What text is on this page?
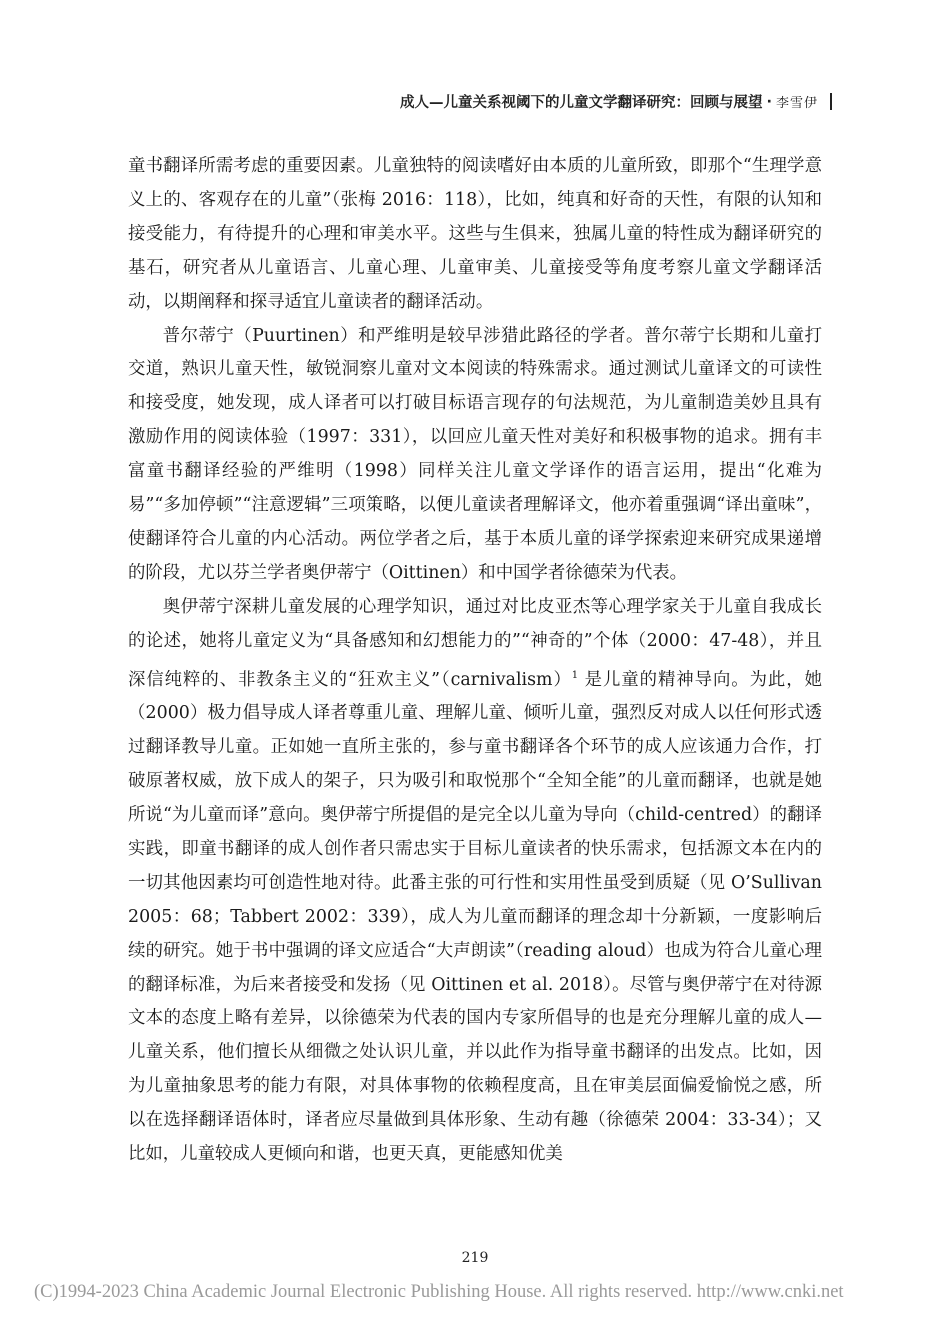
成人—儿童关系视阈下的儿童文学翻译研究：回顾与展望 · 李雪伊

童书翻译所需考虑的重要因素。儿童独特的阅读嗜好由本质的儿童所致，即那个“生理学意义上的、客观存在的儿童”（张梅 2016：118），比如，纯真和好奇的天性，有限的认知和接受能力，有待提升的心理和审美水平。这些与生俱来，独属儿童的特性成为翻译研究的基石，研究者从儿童语言、儿童心理、儿童审美、儿童接受等角度考察儿童文学翻译活动，以期阐释和探寻适宜儿童读者的翻译活动。

普尔蒂宁（Puurtinen）和严维明是较早涉猎此路径的学者。普尔蒂宁长期和儿童打交道，熟识儿童天性，敏锐洞察儿童对文本阅读的特殊需求。通过测试儿童译文的可读性和接受度，她发现，成人译者可以打破目标语言现存的句法规范，为儿童制造美妙且具有激励作用的阅读体验（1997：331），以回应儿童天性对美好和积极事物的追求。拥有丰富童书翻译经验的严维明（1998）同样关注儿童文学译作的语言运用，提出“化难为易”“多加停顿”“注意逻辑”三项策略，以便儿童读者理解译文，他亦着重强调“译出童味”，使翻译符合儿童的内心活动。两位学者之后，基于本质儿童的译学探索迎来研究成果递增的阶段，尤以芬兰学者奥伊蒂宁（Oittinen）和中国学者徐德荣为代表。

奥伊蒂宁深耕儿童发展的心理学知识，通过对比皮亚杰等心理学家关于儿童自我成长的论述，她将儿童定义为“具备感知和幻想能力的”“神奇的”个体（2000：47-48），并且深信纯粹的、非教条主义的“狂欢主义”（carnivalism）$^1$ 是儿童的精神导向。为此，她（2000）极力倡导成人译者尊重儿童、理解儿童、倾听儿童，强烈反对成人以任何形式透过翻译教导儿童。正如她一直所主张的，参与童书翻译各个环节的成人应该通力合作，打破原著权威，放下成人的架子，只为吸引和取悦那个“全知全能”的儿童而翻译，也就是她所说“为儿童而译”意向。奥伊蒂宁所提倡的是完全以儿童为导向（child-centred）的翻译实践，即童书翻译的成人创作者只需忠实于目标儿童读者的快乐需求，包括源文本在内的一切其他因素均可创造性地对待。此番主张的可行性和实用性虽受到质疑（见 O’Sullivan 2005：68；Tabbert 2002：339），成人为儿童而翻译的理念却十分新颖，一度影响后续的研究。她于书中强调的译文应适合“大声朗读”（reading aloud）也成为符合儿童心理的翻译标准，为后来者接受和发扬（见 Oittinen et al. 2018）。尽管与奥伊蒂宁在对待源文本的态度上略有差异，以徐德荣为代表的国内专家所倡导的也是充分理解儿童的成人—儿童关系，他们擅长从细微之处认识儿童，并以此作为指导童书翻译的出发点。比如，因为儿童抽象思考的能力有限，对具体事物的依赖程度高，且在审美层面偏爱愉悦之感，所以在选择翻译语体时，译者应尽量做到具体形象、生动有趣（徐德荣 2004：33-34）；又比如，儿童较成人更倾向和谐，也更天真，更能感知优美

219
(C)1994-2023 China Academic Journal Electronic Publishing House. All rights reserved. http://www.cnki.net
